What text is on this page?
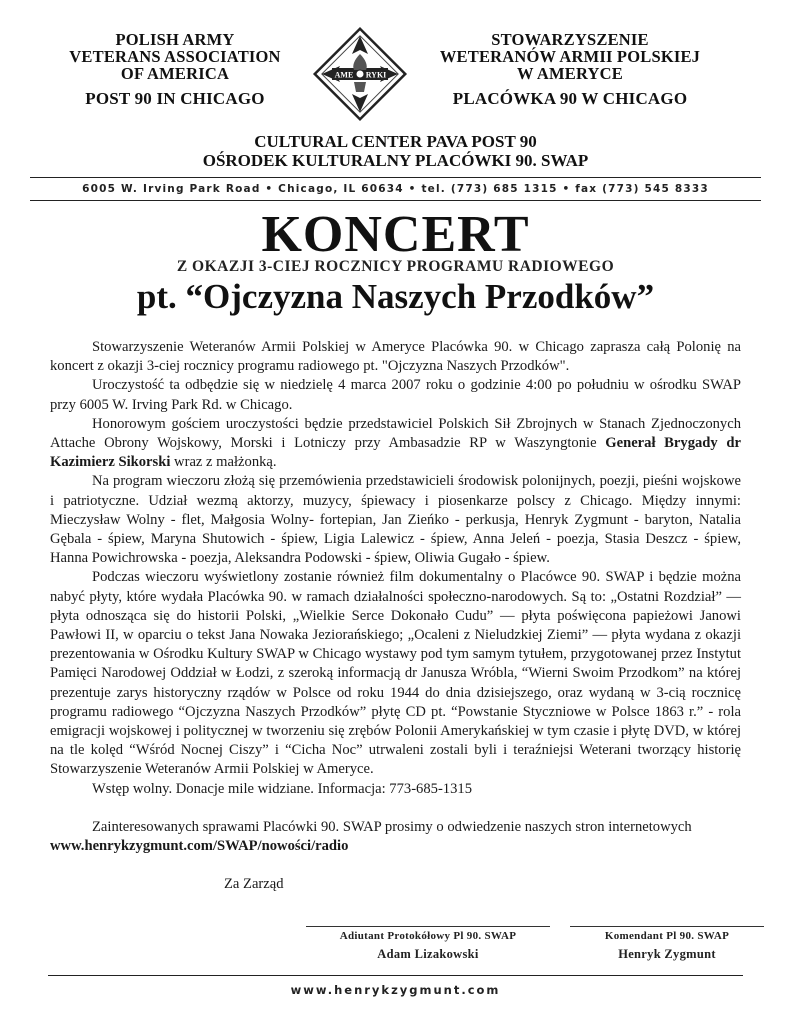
POLISH ARMY
VETERANS ASSOCIATION
OF AMERICA
POST 90 IN CHICAGO
AME RYKI
STOWARZYSZENIE
WETERANÓW ARMII POLSKIEJ
W AMERYCE
PLACÓWKA 90 W CHICAGO
CULTURAL CENTER PAVA POST 90
OŚRODEK KULTURALNY PLACÓWKI 90. SWAP
6005 W. Irving Park Road • Chicago, IL 60634 • tel. (773) 685 1315 • fax (773) 545 8333
KONCERT
Z OKAZJI 3-CIEJ ROCZNICY PROGRAMU RADIOWEGO
pt. “Ojczyzna Naszych Przodków”

Stowarzyszenie Weteranów Armii Polskiej w Ameryce Placówka 90. w Chicago zaprasza całą Polonię na koncert z okazji 3-ciej rocznicy programu radiowego pt. "Ojczyzna Naszych Przodków".

Uroczystość ta odbędzie się w niedzielę 4 marca 2007 roku o godzinie 4:00 po południu w ośrodku SWAP przy 6005 W. Irving Park Rd. w Chicago.

Honorowym gościem uroczystości będzie przedstawiciel Polskich Sił Zbrojnych w Stanach Zjednoczonych Attache Obrony Wojskowy, Morski i Lotniczy przy Ambasadzie RP w Waszyngtonie Generał Brygady dr Kazimierz Sikorski wraz z małżonką.

Na program wieczoru złożą się przemówienia przedstawicieli środowisk polonijnych, poezji, pieśni wojskowe i patriotyczne. Udział wezmą aktorzy, muzycy, śpiewacy i piosenkarze polscy z Chicago. Między innymi: Mieczysław Wolny - flet, Małgosia Wolny- fortepian, Jan Zieńko - perkusja, Henryk Zygmunt - baryton, Natalia Gębala - śpiew, Maryna Shutowich - śpiew, Ligia Lalewicz - śpiew, Anna Jeleń - poezja, Stasia Deszcz - śpiew, Hanna Powichrowska - poezja, Aleksandra Podowski - śpiew, Oliwia Gugało - śpiew.

Podczas wieczoru wyświetlony zostanie również film dokumentalny o Placówce 90. SWAP i będzie można nabyć płyty, które wydała Placówka 90. w ramach działalności społeczno-narodowych. Są to: „Ostatni Rozdział” — płyta odnosząca się do historii Polski, „Wielkie Serce Dokonało Cudu” — płyta poświęcona papieżowi Janowi Pawłowi II, w oparciu o tekst Jana Nowaka Jeziorańskiego; „Ocaleni z Nieludzkiej Ziemi” — płyta wydana z okazji prezentowania w Ośrodku Kultury SWAP w Chicago wystawy pod tym samym tytułem, przygotowanej przez Instytut Pamięci Narodowej Oddział w Łodzi, z szeroką informacją dr Janusza Wróbla, “Wierni Swoim Przodkom” na której prezentuje zarys historyczny rządów w Polsce od roku 1944 do dnia dzisiejszego, oraz wydaną w 3-cią rocznicę programu radiowego “Ojczyzna Naszych Przodków” płytę CD pt. “Powstanie Styczniowe w Polsce 1863 r.” - rola emigracji wojskowej i politycznej w tworzeniu się zrębów Polonii Amerykańskiej w tym czasie i płytę DVD, w której na tle kolęd “Wśród Nocnej Ciszy” i “Cicha Noc” utrwaleni zostali byli i teraźniejsi Weterani tworzący historię Stowarzyszenie Weteranów Armii Polskiej w Ameryce.

Wstęp wolny. Donacje mile widziane. Informacja: 773-685-1315

Zainteresowanych sprawami Placówki 90. SWAP prosimy o odwiedzenie naszych stron internetowych

www.henrykzygmunt.com/SWAP/nowości/radio
Za Zarząd
Adiutant Protokółowy Pl 90. SWAP
Adam Lizakowski
Komendant Pl 90. SWAP
Henryk Zygmunt
www.henrykzygmunt.com
